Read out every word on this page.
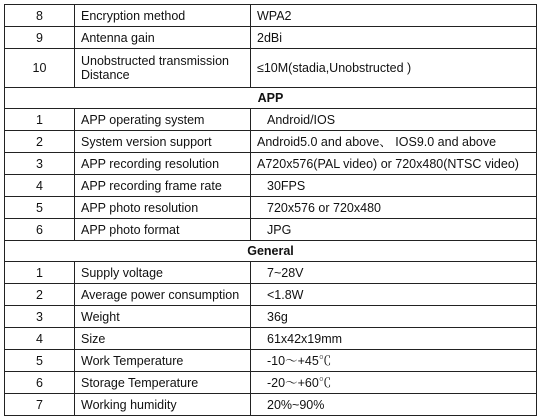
8	Encryption method	WPA2
9	Antenna gain	2dBi
10	Unobstructed transmission Distance	≤10M(stadia,Unobstructed )
APP		
1	APP operating system	Android/IOS
2	System version support	Android5.0 and above、 IOS9.0 and above
3	APP recording resolution	A720x576(PAL video) or 720x480(NTSC video)
4	APP recording frame rate	30FPS
5	APP photo resolution	720x576 or 720x480
6	APP photo format	JPG
General		
1	Supply voltage	7~28V
2	Average power consumption	<1.8W
3	Weight	36g
4	Size	61x42x19mm
5	Work Temperature	-10～+45℃
6	Storage Temperature	-20～+60℃
7	Working humidity	20%~90%
